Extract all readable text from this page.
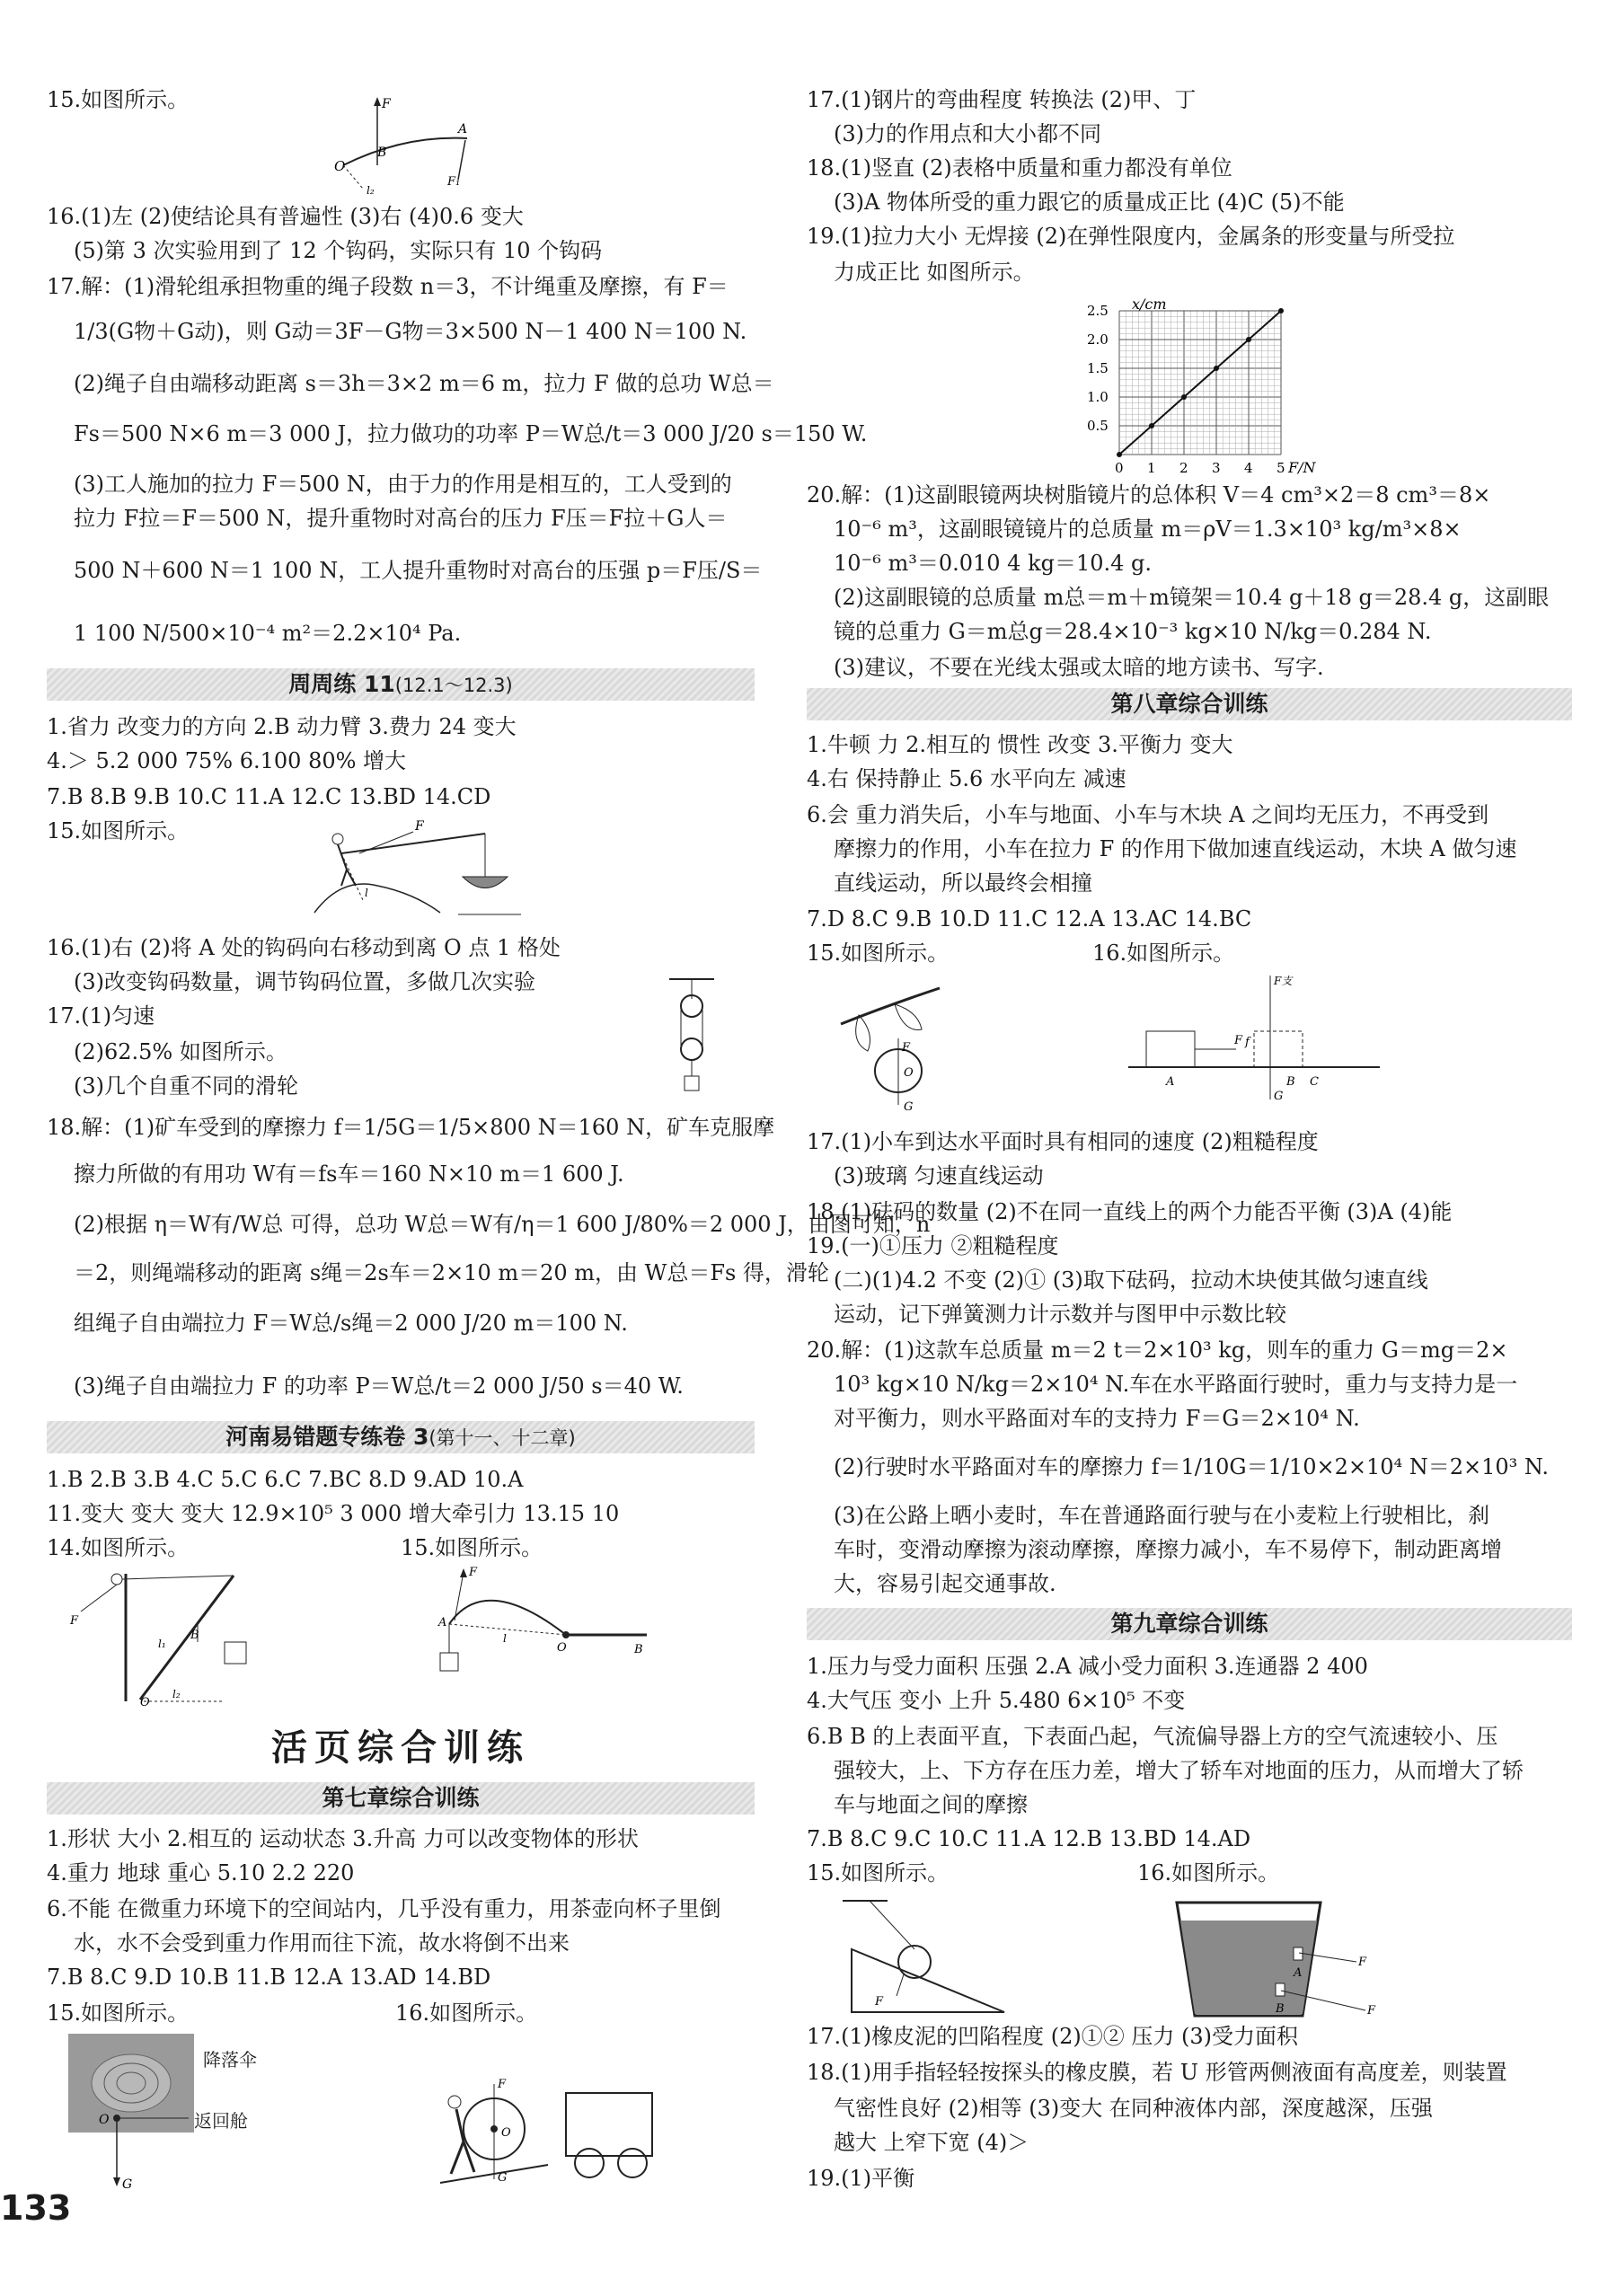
15.如图所示。	F
O
B
A
F₁
l₂
16.(1)左 (2)使结论具有普遍性 (3)右 (4)0.6 变大
(5)第 3 次实验用到了 12 个钩码，实际只有 10 个钩码
17.解：(1)滑轮组承担物重的绳子段数 n＝3，不计绳重及摩擦，有 F＝
1/3(G物＋G动)，则 G动＝3F－G物＝3×500 N－1 400 N＝100 N.
(2)绳子自由端移动距离 s＝3h＝3×2 m＝6 m，拉力 F 做的总功 W总＝
Fs＝500 N×6 m＝3 000 J，拉力做功的功率 P＝W总/t＝3 000 J/20 s＝150 W.
(3)工人施加的拉力 F＝500 N，由于力的作用是相互的，工人受到的
拉力 F拉＝F＝500 N，提升重物时对高台的压力 F压＝F拉＋G人＝
500 N＋600 N＝1 100 N，工人提升重物时对高台的压强 p＝F压/S＝
1 100 N/500×10⁻⁴ m²＝2.2×10⁴ Pa.
周周练 11(12.1～12.3)
1.省力 改变力的方向 2.B 动力臂 3.费力 24 变大
4.＞ 5.2 000 75% 6.100 80% 增大
7.B 8.B 9.B 10.C 11.A 12.C 13.BD 14.CD
15.如图所示。	F
l
16.(1)右 (2)将 A 处的钩码向右移动到离 O 点 1 格处
(3)改变钩码数量，调节钩码位置，多做几次实验
17.(1)匀速
(2)62.5% 如图所示。
(3)几个自重不同的滑轮
18.解：(1)矿车受到的摩擦力 f＝1/5G＝1/5×800 N＝160 N，矿车克服摩
擦力所做的有用功 W有＝fs车＝160 N×10 m＝1 600 J.
(2)根据 η＝W有/W总 可得，总功 W总＝W有/η＝1 600 J/80%＝2 000 J，由图可知，n
＝2，则绳端移动的距离 s绳＝2s车＝2×10 m＝20 m，由 W总＝Fs 得，滑轮
组绳子自由端拉力 F＝W总/s绳＝2 000 J/20 m＝100 N.
(3)绳子自由端拉力 F 的功率 P＝W总/t＝2 000 J/50 s＝40 W.
河南易错题专练卷 3(第十一、十二章)
1.B 2.B 3.B 4.C 5.C 6.C 7.BC 8.D 9.AD 10.A
11.变大 变大 变大 12.9×10⁵ 3 000 增大牵引力 13.15 10
14.如图所示。	15.如图所示。
F
B
O
l₂
l₁
F
A
l
O	B
活页综合训练
第七章综合训练
1.形状 大小 2.相互的 运动状态 3.升高 力可以改变物体的形状
4.重力 地球 重心 5.10 2.2 220
6.不能 在微重力环境下的空间站内，几乎没有重力，用茶壶向杯子里倒
水，水不会受到重力作用而往下流，故水将倒不出来
7.B 8.C 9.D 10.B 11.B 12.A 13.AD 14.BD
15.如图所示。	16.如图所示。
降落伞
返回舱
O
G
F
G
O
133
17.(1)钢片的弯曲程度 转换法 (2)甲、丁
(3)力的作用点和大小都不同
18.(1)竖直 (2)表格中质量和重力都没有单位
(3)A 物体所受的重力跟它的质量成正比 (4)C (5)不能
19.(1)拉力大小 无焊接 (2)在弹性限度内，金属条的形变量与所受拉
力成正比 如图所示。
2.5
2.0
1.5
1.0
0.5
0 1 2 3 4 5
x/cm
F/N
20.解：(1)这副眼镜两块树脂镜片的总体积 V＝4 cm³×2＝8 cm³＝8×
10⁻⁶ m³，这副眼镜镜片的总质量 m＝ρV＝1.3×10³ kg/m³×8×
10⁻⁶ m³＝0.010 4 kg＝10.4 g.
(2)这副眼镜的总质量 m总＝m＋m镜架＝10.4 g＋18 g＝28.4 g，这副眼
镜的总重力 G＝m总g＝28.4×10⁻³ kg×10 N/kg＝0.284 N.
(3)建议，不要在光线太强或太暗的地方读书、写字.
第八章综合训练
1.牛顿 力 2.相互的 惯性 改变 3.平衡力 变大
4.右 保持静止 5.6 水平向左 减速
6.会 重力消失后，小车与地面、小车与木块 A 之间均无压力，不再受到
摩擦力的作用，小车在拉力 F 的作用下做加速直线运动，木块 A 做匀速
直线运动，所以最终会相撞
7.D 8.C 9.B 10.D 11.C 12.A 13.AC 14.BC
15.如图所示。	16.如图所示。
F
G
O
F
A
F支
f
B C
G
17.(1)小车到达水平面时具有相同的速度 (2)粗糙程度
(3)玻璃 匀速直线运动
18.(1)砝码的数量 (2)不在同一直线上的两个力能否平衡 (3)A (4)能
19.(一)①压力 ②粗糙程度
(二)(1)4.2 不变 (2)① (3)取下砝码，拉动木块使其做匀速直线
运动，记下弹簧测力计示数并与图甲中示数比较
20.解：(1)这款车总质量 m＝2 t＝2×10³ kg，则车的重力 G＝mg＝2×
10³ kg×10 N/kg＝2×10⁴ N.车在水平路面行驶时，重力与支持力是一
对平衡力，则水平路面对车的支持力 F＝G＝2×10⁴ N.
(2)行驶时水平路面对车的摩擦力 f＝1/10G＝1/10×2×10⁴ N＝2×10³ N.
(3)在公路上晒小麦时，车在普通路面行驶与在小麦粒上行驶相比，刹
车时，变滑动摩擦为滚动摩擦，摩擦力减小，车不易停下，制动距离增
大，容易引起交通事故.
第九章综合训练
1.压力与受力面积 压强 2.A 减小受力面积 3.连通器 2 400
4.大气压 变小 上升 5.480 6×10⁵ 不变
6.B B 的上表面平直，下表面凸起，气流偏导器上方的空气流速较小、压
强较大，上、下方存在压力差，增大了轿车对地面的压力，从而增大了轿
车与地面之间的摩擦
7.B 8.C 9.C 10.C 11.A 12.B 13.BD 14.AD
15.如图所示。	16.如图所示。
F
F
F
A
B
17.(1)橡皮泥的凹陷程度 (2)①② 压力 (3)受力面积
18.(1)用手指轻轻按探头的橡皮膜，若 U 形管两侧液面有高度差，则装置
气密性良好 (2)相等 (3)变大 在同种液体内部，深度越深，压强
越大 上窄下宽 (4)＞
19.(1)平衡
